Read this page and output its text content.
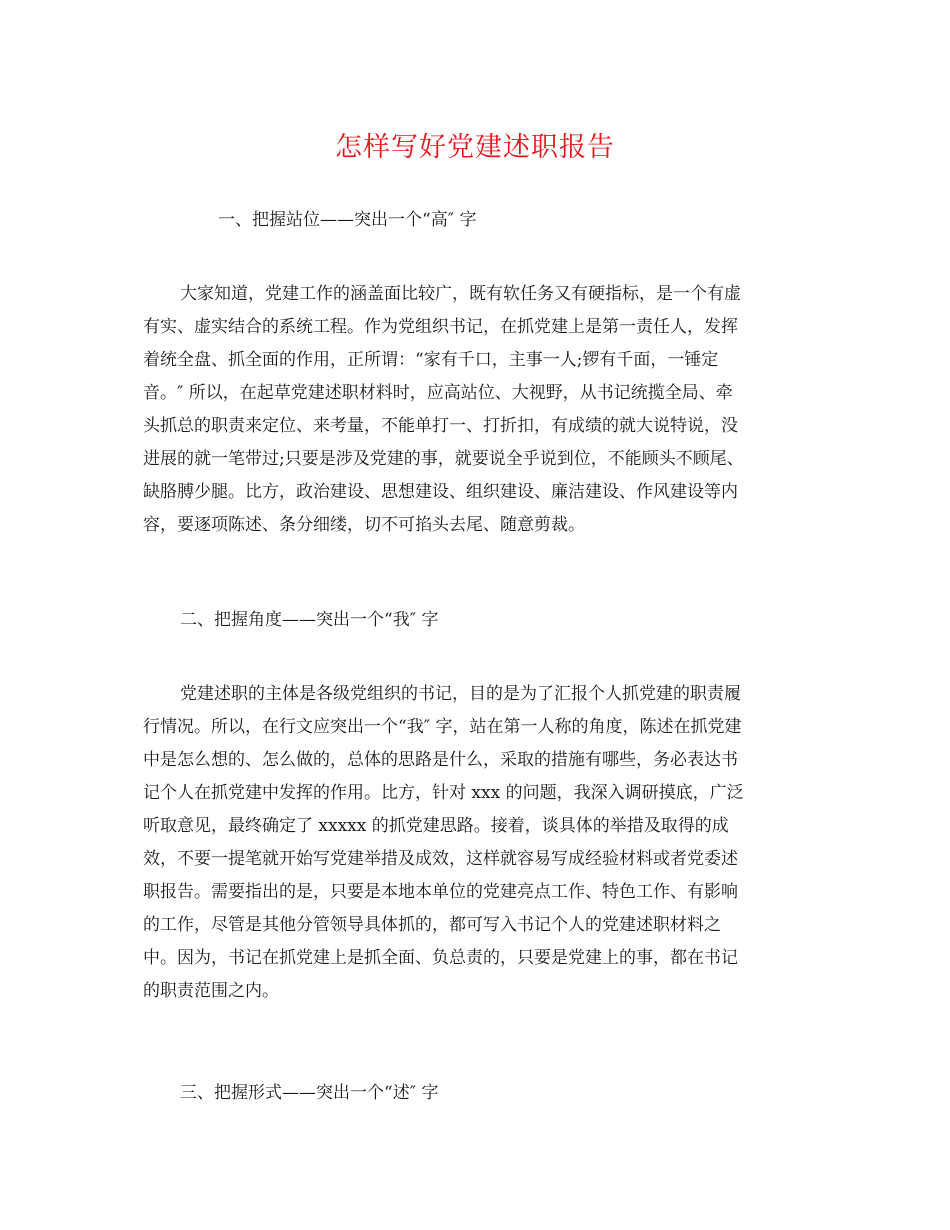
怎样写好党建述职报告
一、把握站位——突出一个“高″ 字
大家知道，党建工作的涵盖面比较广，既有软任务又有硬指标，是一个有虚
有实、虚实结合的系统工程。作为党组织书记，在抓党建上是第一责任人，发挥
着统全盘、抓全面的作用，正所谓：“家有千口，主事一人;锣有千面，一锤定
音。″ 所以，在起草党建述职材料时，应高站位、大视野，从书记统揽全局、牵
头抓总的职责来定位、来考量，不能单打一、打折扣，有成绩的就大说特说，没
进展的就一笔带过;只要是涉及党建的事，就要说全乎说到位，不能顾头不顾尾、
缺胳膊少腿。比方，政治建设、思想建设、组织建设、廉洁建设、作风建设等内
容，要逐项陈述、条分细缕，切不可掐头去尾、随意剪裁。
二、把握角度——突出一个“我″ 字
党建述职的主体是各级党组织的书记，目的是为了汇报个人抓党建的职责履
行情况。所以，在行文应突出一个“我″ 字，站在第一人称的角度，陈述在抓党建
中是怎么想的、怎么做的，总体的思路是什么，采取的措施有哪些，务必表达书
记个人在抓党建中发挥的作用。比方，针对 xxx 的问题，我深入调研摸底，广泛
听取意见，最终确定了 xxxxx 的抓党建思路。接着，谈具体的举措及取得的成
效，不要一提笔就开始写党建举措及成效，这样就容易写成经验材料或者党委述
职报告。需要指出的是，只要是本地本单位的党建亮点工作、特色工作、有影响
的工作，尽管是其他分管领导具体抓的，都可写入书记个人的党建述职材料之
中。因为，书记在抓党建上是抓全面、负总责的，只要是党建上的事，都在书记
的职责范围之内。
三、把握形式——突出一个“述″ 字
